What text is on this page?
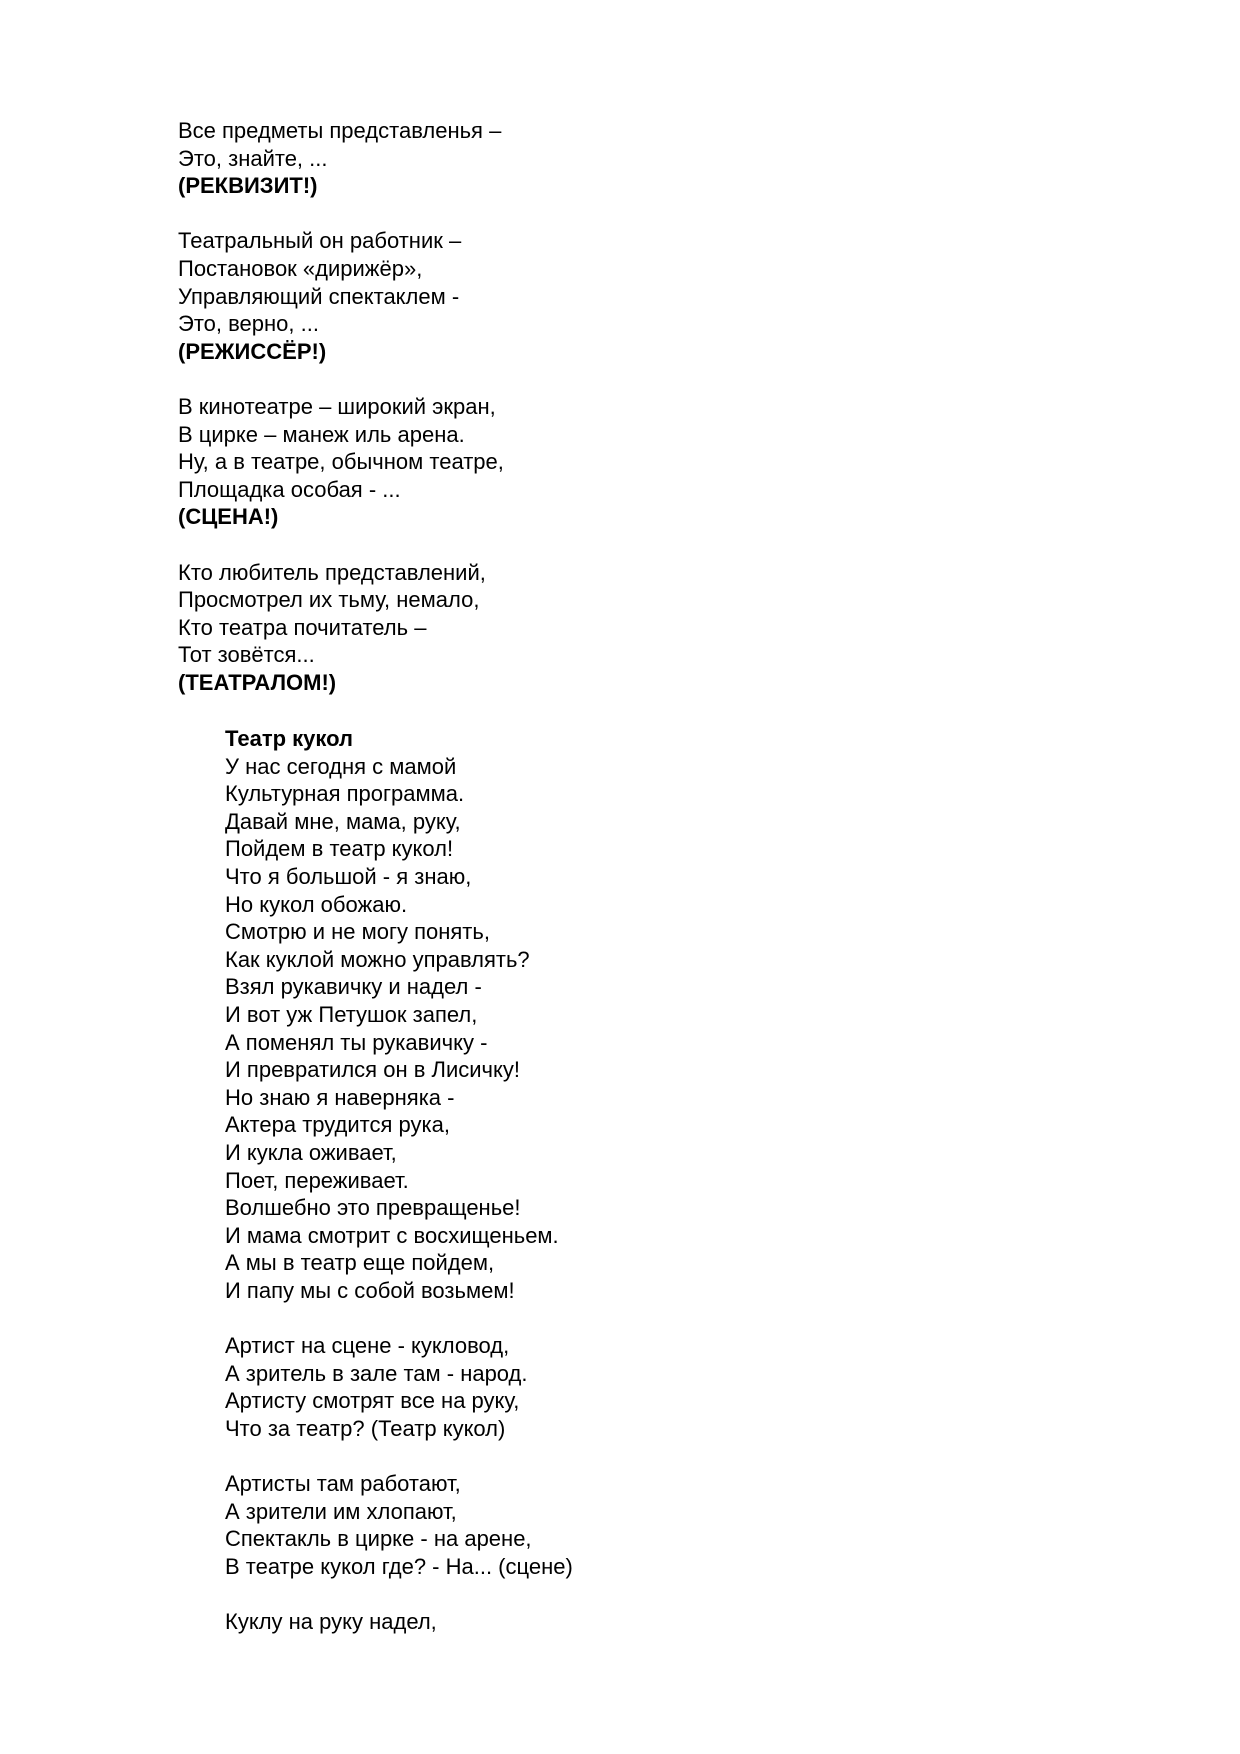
Все предметы представленья –
Это, знайте, ...
(РЕКВИЗИТ!)
Театральный он работник –
Постановок «дирижёр»,
Управляющий спектаклем -
Это, верно, ...
(РЕЖИССЁР!)
В кинотеатре – широкий экран,
В цирке – манеж иль арена.
Ну, а в театре, обычном театре,
Площадка особая - ...
(СЦЕНА!)
Кто любитель представлений,
Просмотрел их тьму, немало,
Кто театра почитатель –
Тот зовётся...
(ТЕАТРАЛОМ!)
Театр кукол
У нас сегодня с мамой
Культурная программа.
Давай мне, мама, руку,
Пойдем в театр кукол!
Что я большой - я знаю,
Но кукол обожаю.
Смотрю и не могу понять,
Как куклой можно управлять?
Взял рукавичку и надел -
И вот уж Петушок запел,
А поменял ты рукавичку -
И превратился он в Лисичку!
Но знаю я наверняка -
Актера трудится рука,
И кукла оживает,
Поет, переживает.
Волшебно это превращенье!
И мама смотрит с восхищеньем.
А мы в театр еще пойдем,
И папу мы с собой возьмем!
Артист на сцене - кукловод,
А зритель в зале там - народ.
Артисту смотрят все на руку,
Что за театр? (Театр кукол)
Артисты там работают,
А зрители им хлопают,
Спектакль в цирке - на арене,
В театре кукол где? - На... (сцене)
Куклу на руку надел,
